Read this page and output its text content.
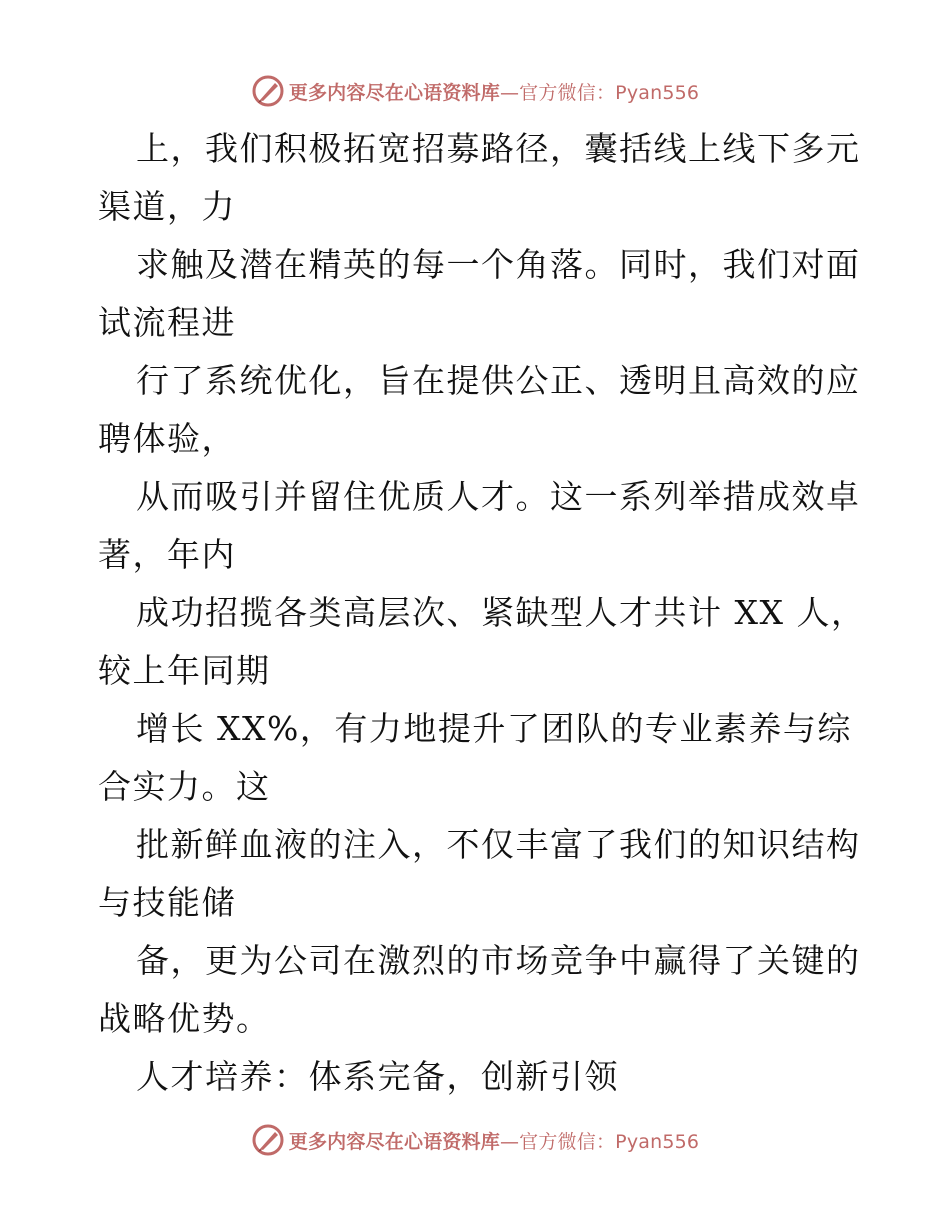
更多内容尽在心语资料库—官方微信：Pyan556
上，我们积极拓宽招募路径，囊括线上线下多元
渠道，力
求触及潜在精英的每一个角落。同时，我们对面
试流程进
行了系统优化，旨在提供公正、透明且高效的应
聘体验，
从而吸引并留住优质人才。这一系列举措成效卓
著，年内
成功招揽各类高层次、紧缺型人才共计 XX 人，
较上年同期
增长 XX%，有力地提升了团队的专业素养与综
合实力。这
批新鲜血液的注入，不仅丰富了我们的知识结构
与技能储
备，更为公司在激烈的市场竞争中赢得了关键的
战略优势。
人才培养：体系完备，创新引领
更多内容尽在心语资料库—官方微信：Pyan556
